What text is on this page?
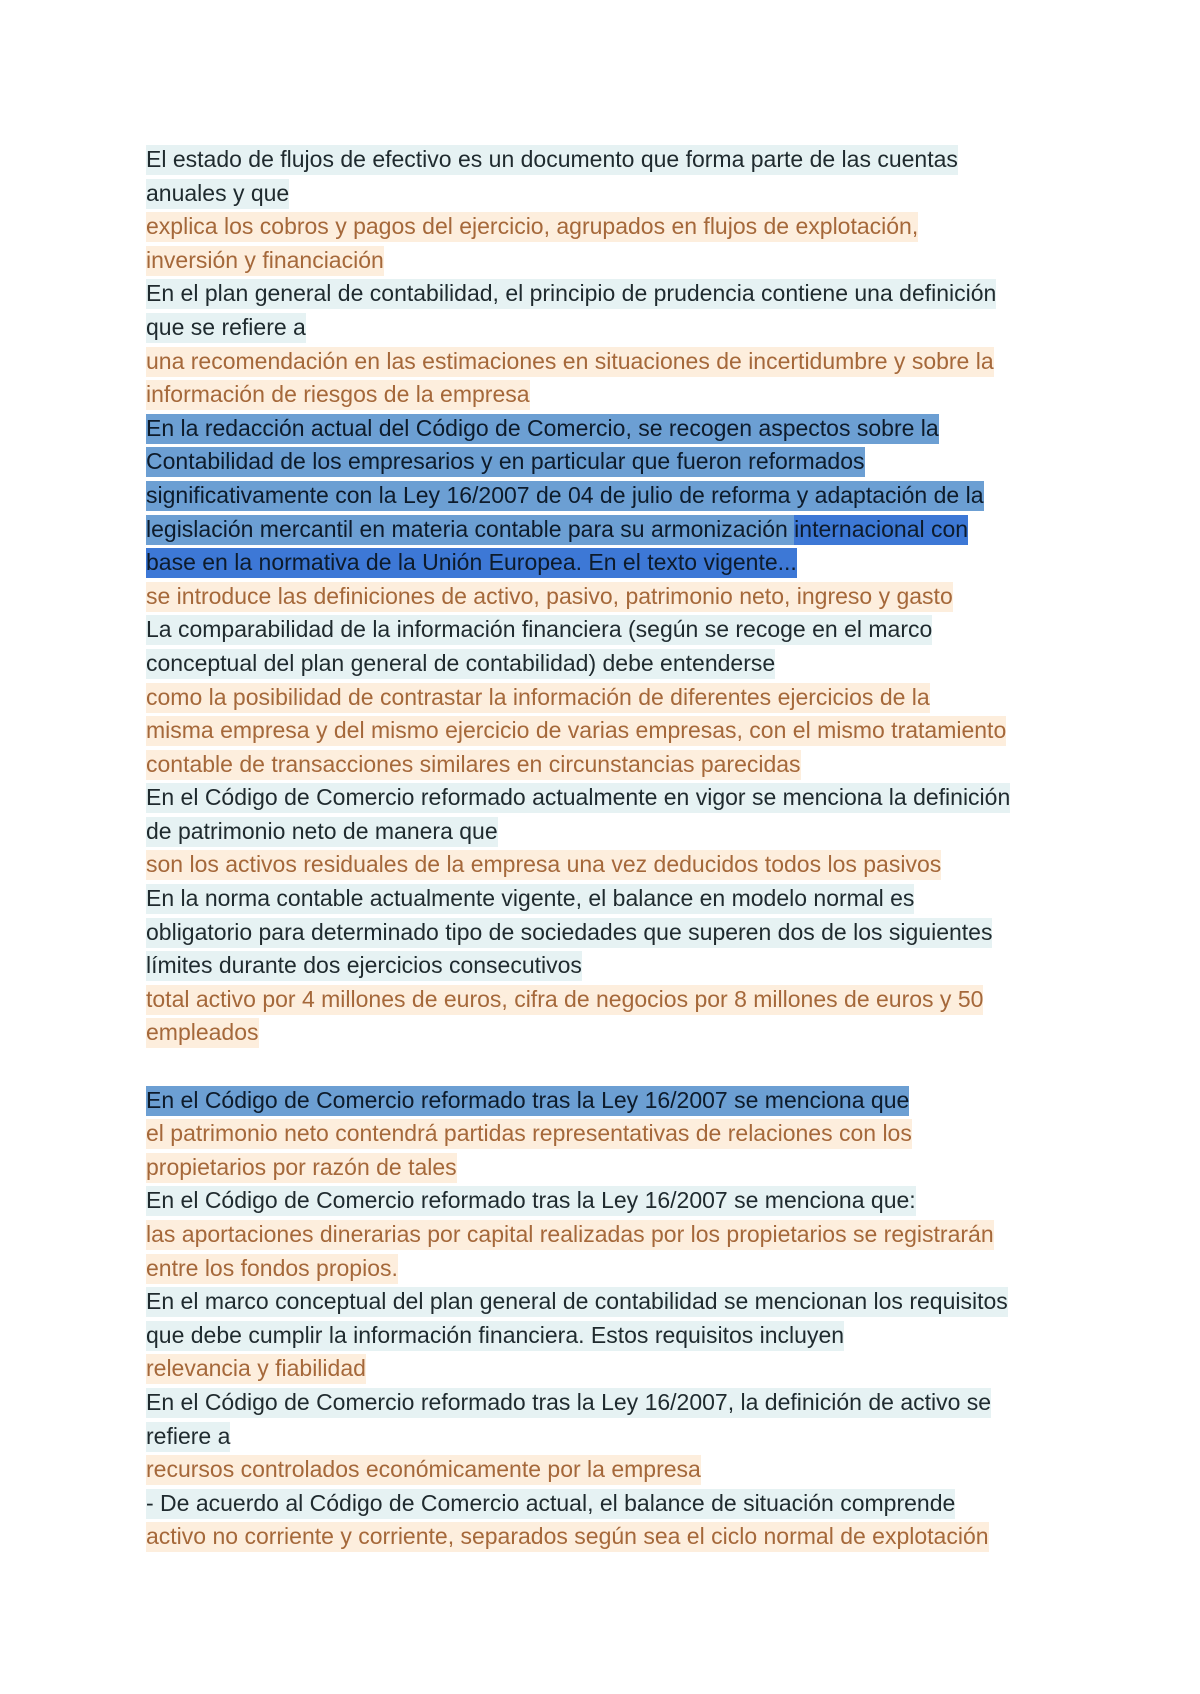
El estado de flujos de efectivo es un documento que forma parte de las cuentas
anuales y que
explica los cobros y pagos del ejercicio, agrupados en flujos de explotación,
inversión y financiación
En el plan general de contabilidad, el principio de prudencia contiene una definición
que se refiere a
una recomendación en las estimaciones en situaciones de incertidumbre y sobre la
información de riesgos de la empresa
En la redacción actual del Código de Comercio, se recogen aspectos sobre la
Contabilidad de los empresarios y en particular que fueron reformados
significativamente con la Ley 16/2007 de 04 de julio de reforma y adaptación de la
legislación mercantil en materia contable para su armonización internacional con
base en la normativa de la Unión Europea. En el texto vigente...
se introduce las definiciones de activo, pasivo, patrimonio neto, ingreso y gasto
La comparabilidad de la información financiera (según se recoge en el marco
conceptual del plan general de contabilidad) debe entenderse
como la posibilidad de contrastar la información de diferentes ejercicios de la
misma empresa y del mismo ejercicio de varias empresas, con el mismo tratamiento
contable de transacciones similares en circunstancias parecidas
En el Código de Comercio reformado actualmente en vigor se menciona la definición
de patrimonio neto de manera que
son los activos residuales de la empresa una vez deducidos todos los pasivos
En la norma contable actualmente vigente, el balance en modelo normal es
obligatorio para determinado tipo de sociedades que superen dos de los siguientes
límites durante dos ejercicios consecutivos
total activo por 4 millones de euros, cifra de negocios por 8 millones de euros y 50
empleados
En el Código de Comercio reformado tras la Ley 16/2007 se menciona que
el patrimonio neto contendrá partidas representativas de relaciones con los
propietarios por razón de tales
En el Código de Comercio reformado tras la Ley 16/2007 se menciona que:
las aportaciones dinerarias por capital realizadas por los propietarios se registrarán
entre los fondos propios.
En el marco conceptual del plan general de contabilidad se mencionan los requisitos
que debe cumplir la información financiera. Estos requisitos incluyen
relevancia y fiabilidad
En el Código de Comercio reformado tras la Ley 16/2007, la definición de activo se
refiere a
recursos controlados económicamente por la empresa
- De acuerdo al Código de Comercio actual, el balance de situación comprende
activo no corriente y corriente, separados según sea el ciclo normal de explotación
